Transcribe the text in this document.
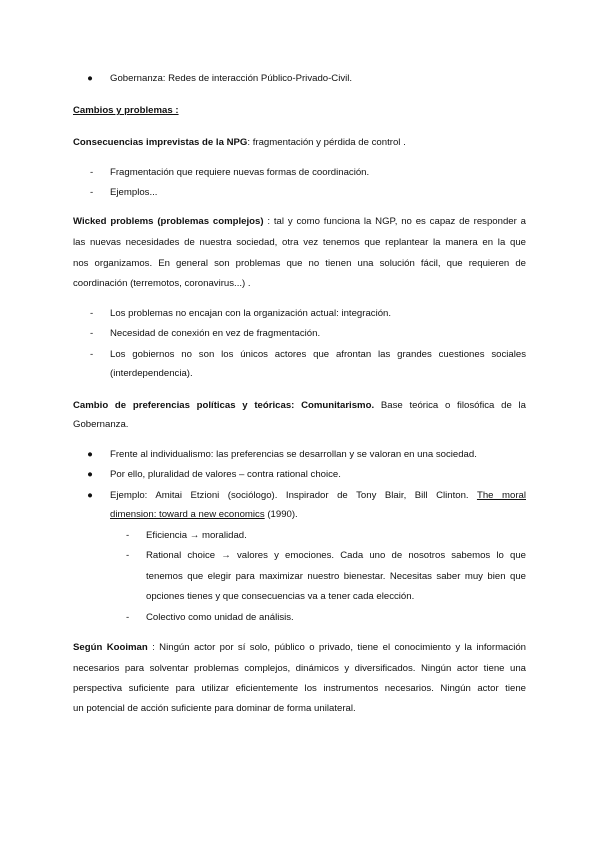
● Gobernanza: Redes de interacción Público-Privado-Civil.
Cambios y problemas :
Consecuencias imprevistas de la NPG: fragmentación y pérdida de control .
- Fragmentación que requiere nuevas formas de coordinación.
- Ejemplos...
Wicked problems (problemas complejos) : tal y como funciona la NGP, no es capaz de responder a
las nuevas necesidades de nuestra sociedad, otra vez tenemos que replantear la manera en la que
nos organizamos. En general son problemas que no tienen una solución fácil, que requieren de
coordinación (terremotos, coronavirus...) .
- Los problemas no encajan con la organización actual: integración.
- Necesidad de conexión en vez de fragmentación.
- Los gobiernos no son los únicos actores que afrontan las grandes cuestiones sociales
(interdependencia).
Cambio de preferencias políticas y teóricas: Comunitarismo. Base teórica o filosófica de la
Gobernanza.
● Frente al individualismo: las preferencias se desarrollan y se valoran en una sociedad.
● Por ello, pluralidad de valores – contra rational choice.
● Ejemplo: Amitai Etzioni (sociólogo). Inspirador de Tony Blair, Bill Clinton. The moral
dimension: toward a new economics (1990).
- Eficiencia → moralidad.
- Rational choice → valores y emociones. Cada uno de nosotros sabemos lo que
tenemos que elegir para maximizar nuestro bienestar. Necesitas saber muy bien que
opciones tienes y que consecuencias va a tener cada elección.
- Colectivo como unidad de análisis.
Según Kooiman : Ningún actor por sí solo, público o privado, tiene el conocimiento y la información
necesarios para solventar problemas complejos, dinámicos y diversificados. Ningún actor tiene una
perspectiva suficiente para utilizar eficientemente los instrumentos necesarios. Ningún actor tiene
un potencial de acción suficiente para dominar de forma unilateral.
